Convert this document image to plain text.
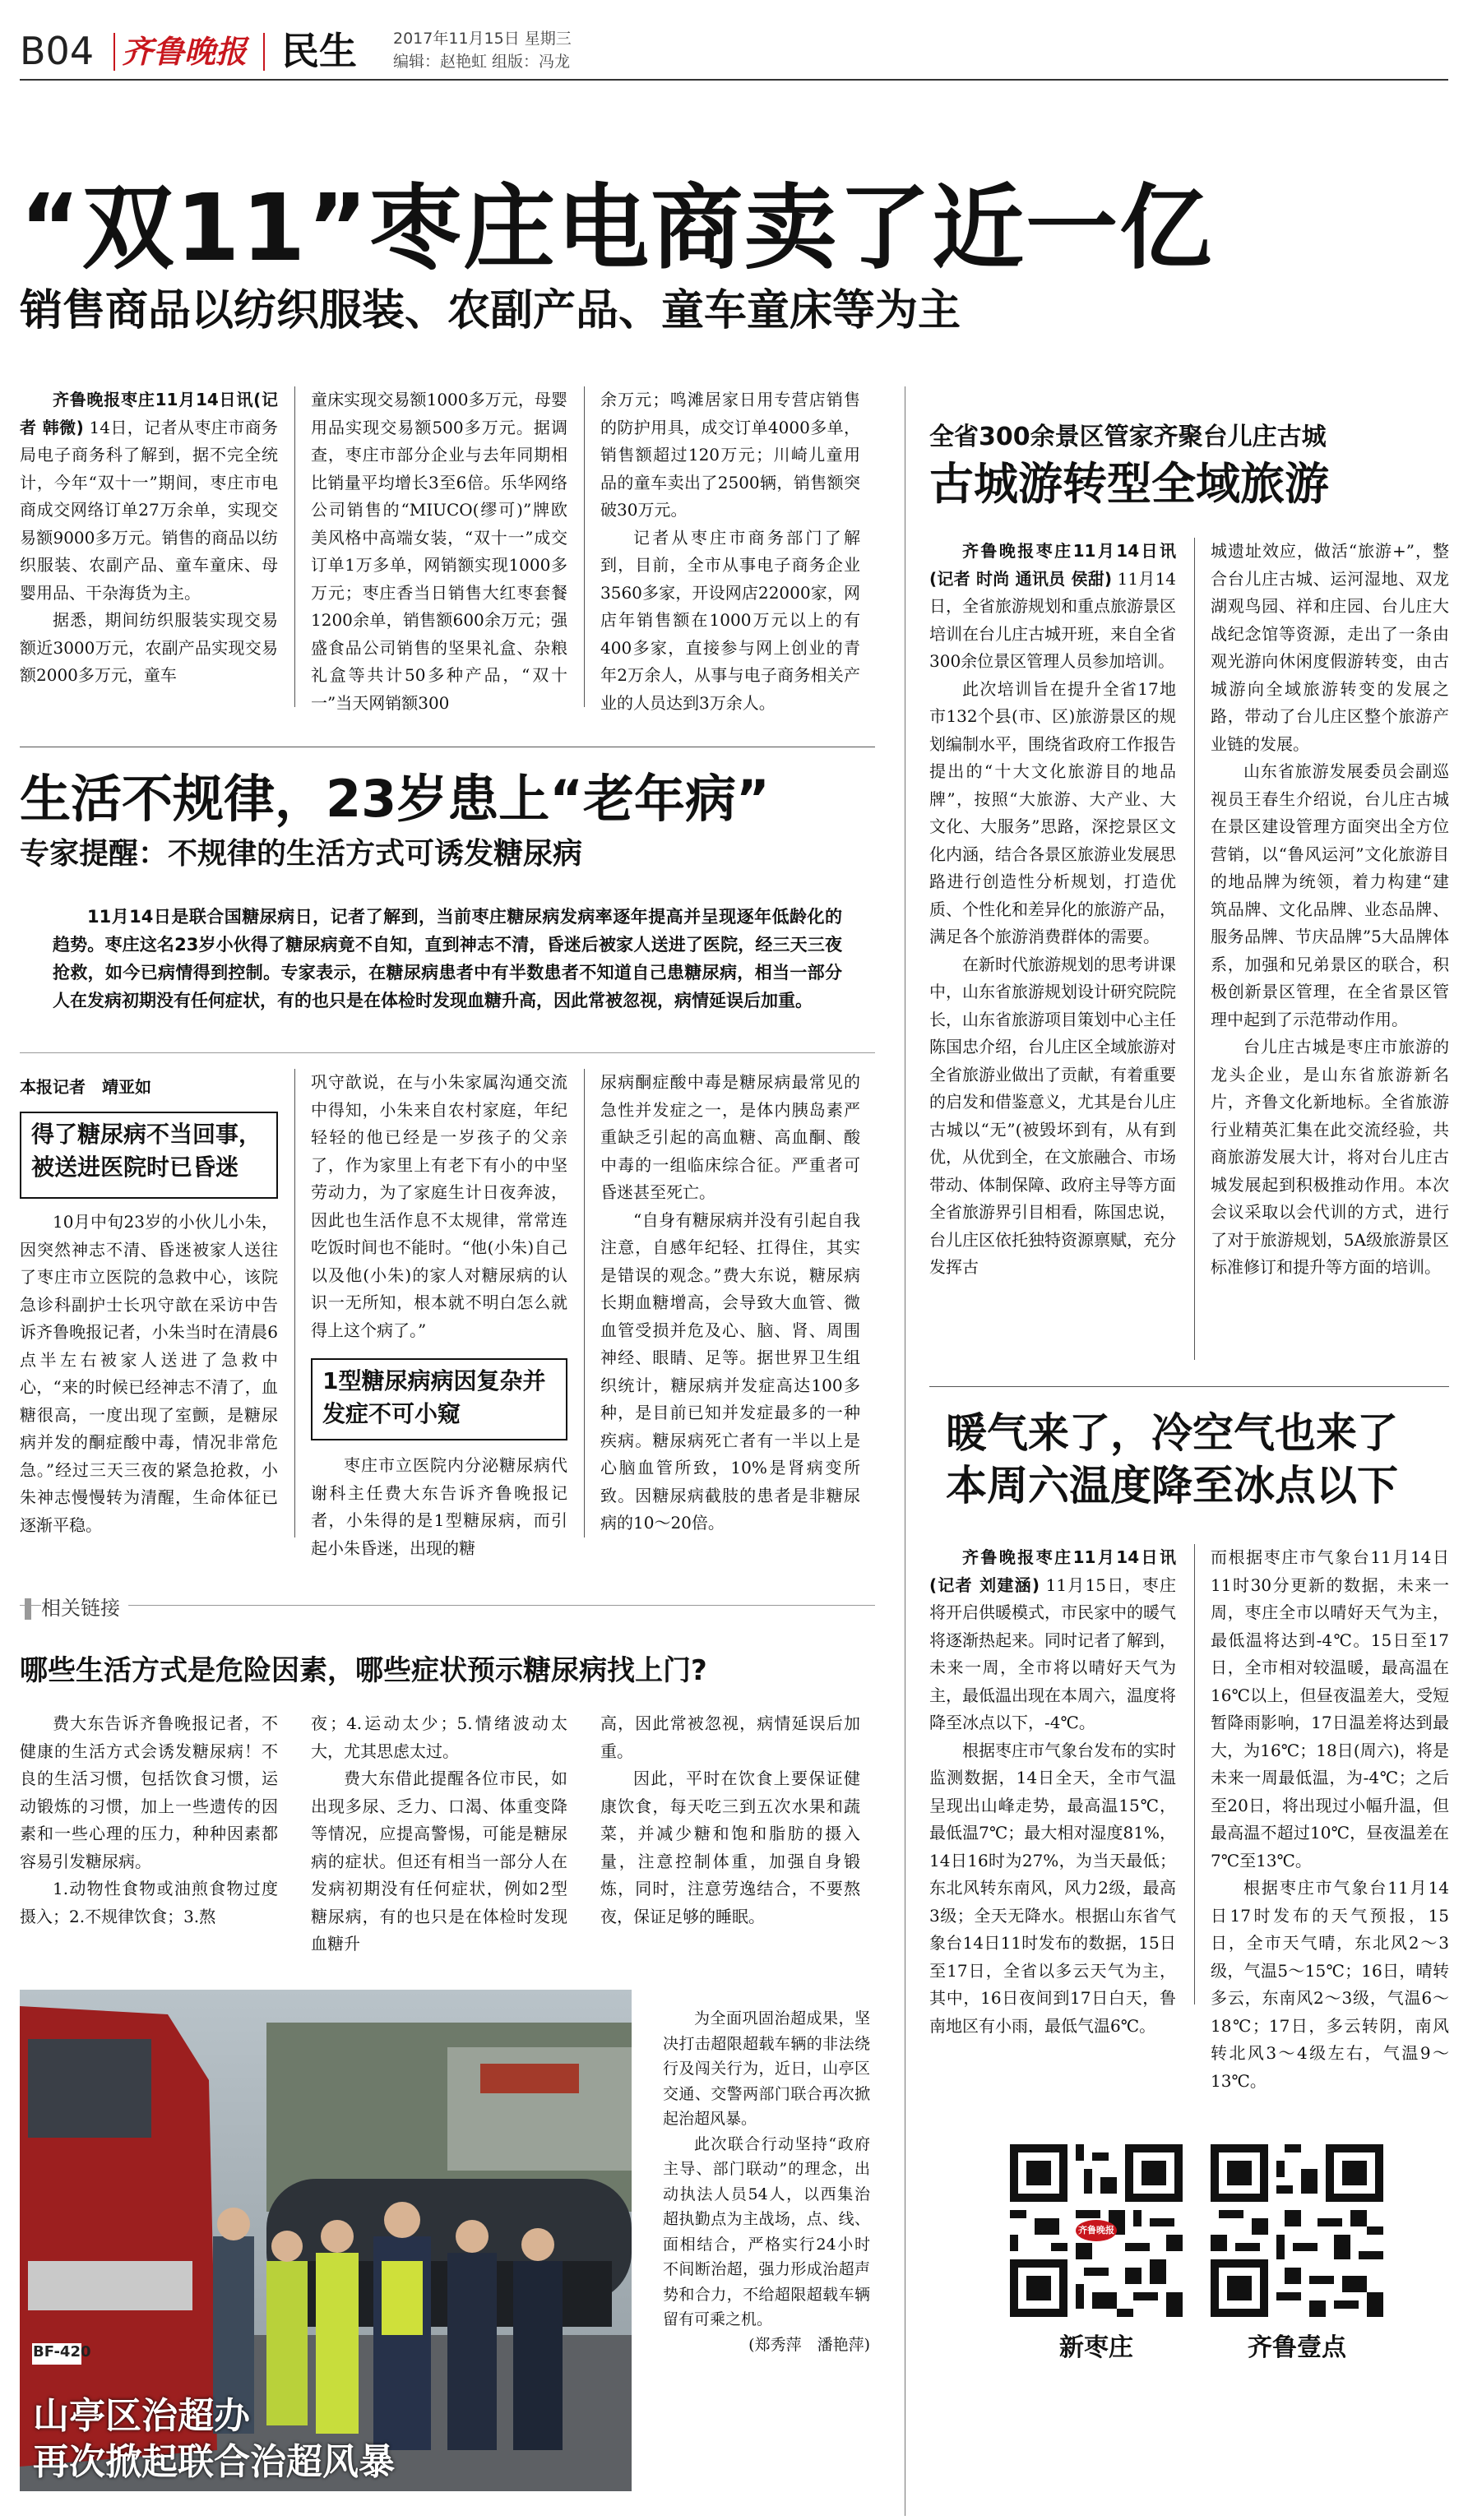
B04 齐鲁晚报 民生 2017年11月15日 星期三
编辑：赵艳虹 组版：冯龙
“双11”枣庄电商卖了近一亿
销售商品以纺织服装、农副产品、童车童床等为主

齐鲁晚报枣庄11月14日讯(记者 韩微) 14日，记者从枣庄市商务局电子商务科了解到，据不完全统计，今年“双十一”期间，枣庄市电商成交网络订单27万余单，实现交易额9000多万元。销售的商品以纺织服装、农副产品、童车童床、母婴用品、干杂海货为主。

据悉，期间纺织服装实现交易额近3000万元，农副产品实现交易额2000多万元，童车

童床实现交易额1000多万元，母婴用品实现交易额500多万元。据调查，枣庄市部分企业与去年同期相比销量平均增长3至6倍。乐华网络公司销售的“MIUCO(缪可)”牌欧美风格中高端女装，“双十一”成交订单1万多单，网销额实现1000多万元；枣庄香当日销售大红枣套餐1200余单，销售额600余万元；强盛食品公司销售的坚果礼盒、杂粮礼盒等共计50多种产品，“双十一”当天网销额300

余万元；鸣滩居家日用专营店销售的防护用具，成交订单4000多单，销售额超过120万元；川崎儿童用品的童车卖出了2500辆，销售额突破30万元。

记者从枣庄市商务部门了解到，目前，全市从事电子商务企业3560多家，开设网店22000家，网店年销售额在1000万元以上的有400多家，直接参与网上创业的青年2万余人，从事与电子商务相关产业的人员达到3万余人。

生活不规律，23岁患上“老年病”
专家提醒：不规律的生活方式可诱发糖尿病
11月14日是联合国糖尿病日，记者了解到，当前枣庄糖尿病发病率逐年提高并呈现逐年低龄化的趋势。枣庄这名23岁小伙得了糖尿病竟不自知，直到神志不清，昏迷后被家人送进了医院，经三天三夜抢救，如今已病情得到控制。专家表示，在糖尿病患者中有半数患者不知道自己患糖尿病，相当一部分人在发病初期没有任何症状，有的也只是在体检时发现血糖升高，因此常被忽视，病情延误后加重。
本报记者　靖亚如
得了糖尿病不当回事，被送进医院时已昏迷

10月中旬23岁的小伙儿小朱，因突然神志不清、昏迷被家人送往了枣庄市立医院的急救中心，该院急诊科副护士长巩守歆在采访中告诉齐鲁晚报记者，小朱当时在清晨6点半左右被家人送进了急救中心，“来的时候已经神志不清了，血糖很高，一度出现了室颤，是糖尿病并发的酮症酸中毒，情况非常危急。”经过三天三夜的紧急抢救，小朱神志慢慢转为清醒，生命体征已逐渐平稳。

巩守歆说，在与小朱家属沟通交流中得知，小朱来自农村家庭，年纪轻轻的他已经是一岁孩子的父亲了，作为家里上有老下有小的中坚劳动力，为了家庭生计日夜奔波，因此也生活作息不太规律，常常连吃饭时间也不能时。“他(小朱)自己以及他(小朱)的家人对糖尿病的认识一无所知，根本就不明白怎么就得上这个病了。”

1型糖尿病病因复杂并发症不可小窥

枣庄市立医院内分泌糖尿病代谢科主任费大东告诉齐鲁晚报记者，小朱得的是1型糖尿病，而引起小朱昏迷，出现的糖

尿病酮症酸中毒是糖尿病最常见的急性并发症之一，是体内胰岛素严重缺乏引起的高血糖、高血酮、酸中毒的一组临床综合征。严重者可昏迷甚至死亡。

“自身有糖尿病并没有引起自我注意，自感年纪轻、扛得住，其实是错误的观念。”费大东说，糖尿病长期血糖增高，会导致大血管、微血管受损并危及心、脑、肾、周围神经、眼睛、足等。据世界卫生组织统计，糖尿病并发症高达100多种，是目前已知并发症最多的一种疾病。糖尿病死亡者有一半以上是心脑血管所致，10%是肾病变所致。因糖尿病截肢的患者是非糖尿病的10～20倍。

相关链接
哪些生活方式是危险因素，哪些症状预示糖尿病找上门?

费大东告诉齐鲁晚报记者，不健康的生活方式会诱发糖尿病！不良的生活习惯，包括饮食习惯，运动锻炼的习惯，加上一些遗传的因素和一些心理的压力，种种因素都容易引发糖尿病。

1.动物性食物或油煎食物过度摄入；2.不规律饮食；3.熬

夜；4.运动太少；5.情绪波动太大，尤其思虑太过。

费大东借此提醒各位市民，如出现多尿、乏力、口渴、体重变降等情况，应提高警惕，可能是糖尿病的症状。但还有相当一部分人在发病初期没有任何症状，例如2型糖尿病，有的也只是在体检时发现血糖升

高，因此常被忽视，病情延误后加重。

因此，平时在饮食上要保证健康饮食，每天吃三到五次水果和蔬菜，并减少糖和饱和脂肪的摄入量，注意控制体重，加强自身锻炼，同时，注意劳逸结合，不要熬夜，保证足够的睡眠。

BF-420
山亭区治超办
再次掀起联合治超风暴

为全面巩固治超成果，坚决打击超限超载车辆的非法绕行及闯关行为，近日，山亭区交通、交警两部门联合再次掀起治超风暴。

此次联合行动坚持“政府主导、部门联动”的理念，出动执法人员54人，以西集治超执勤点为主战场，点、线、面相结合，严格实行24小时不间断治超，强力形成治超声势和合力，不给超限超载车辆留有可乘之机。

(郑秀萍　潘艳萍)

全省300余景区管家齐聚台儿庄古城
古城游转型全域旅游

齐鲁晚报枣庄11月14日讯(记者 时尚 通讯员 侯甜) 11月14日，全省旅游规划和重点旅游景区培训在台儿庄古城开班，来自全省300余位景区管理人员参加培训。

此次培训旨在提升全省17地市132个县(市、区)旅游景区的规划编制水平，围绕省政府工作报告提出的“十大文化旅游目的地品牌”，按照“大旅游、大产业、大文化、大服务”思路，深挖景区文化内涵，结合各景区旅游业发展思路进行创造性分析规划，打造优质、个性化和差异化的旅游产品，满足各个旅游消费群体的需要。

在新时代旅游规划的思考讲课中，山东省旅游规划设计研究院院长，山东省旅游项目策划中心主任陈国忠介绍，台儿庄区全域旅游对全省旅游业做出了贡献，有着重要的启发和借鉴意义，尤其是台儿庄古城以“无”(被毁坏到有，从有到优，从优到全，在文旅融合、市场带动、体制保障、政府主导等方面全省旅游界引目相看，陈国忠说，台儿庄区依托独特资源禀赋，充分发挥古

城遗址效应，做活“旅游+”，整合台儿庄古城、运河湿地、双龙湖观鸟园、祥和庄园、台儿庄大战纪念馆等资源，走出了一条由观光游向休闲度假游转变，由古城游向全域旅游转变的发展之路，带动了台儿庄区整个旅游产业链的发展。

山东省旅游发展委员会副巡视员王春生介绍说，台儿庄古城在景区建设管理方面突出全方位营销，以“鲁风运河”文化旅游目的地品牌为统领，着力构建“建筑品牌、文化品牌、业态品牌、服务品牌、节庆品牌”5大品牌体系，加强和兄弟景区的联合，积极创新景区管理，在全省景区管理中起到了示范带动作用。

台儿庄古城是枣庄市旅游的龙头企业，是山东省旅游新名片，齐鲁文化新地标。全省旅游行业精英汇集在此交流经验，共商旅游发展大计，将对台儿庄古城发展起到积极推动作用。本次会议采取以会代训的方式，进行了对于旅游规划，5A级旅游景区标准修订和提升等方面的培训。

暖气来了，冷空气也来了
本周六温度降至冰点以下

齐鲁晚报枣庄11月14日讯(记者 刘建涵) 11月15日，枣庄将开启供暖模式，市民家中的暖气将逐渐热起来。同时记者了解到，未来一周，全市将以晴好天气为主，最低温出现在本周六，温度将降至冰点以下，-4℃。

根据枣庄市气象台发布的实时监测数据，14日全天，全市气温呈现出山峰走势，最高温15℃，最低温7℃；最大相对湿度81%，14日16时为27%，为当天最低；东北风转东南风，风力2级，最高3级；全天无降水。根据山东省气象台14日11时发布的数据，15日至17日，全省以多云天气为主，其中，16日夜间到17日白天，鲁南地区有小雨，最低气温6℃。

而根据枣庄市气象台11月14日11时30分更新的数据，未来一周，枣庄全市以晴好天气为主，最低温将达到-4℃。15日至17日，全市相对较温暖，最高温在16℃以上，但昼夜温差大，受短暂降雨影响，17日温差将达到最大，为16℃；18日(周六)，将是未来一周最低温，为-4℃；之后至20日，将出现过小幅升温，但最高温不超过10℃，昼夜温差在7℃至13℃。

根据枣庄市气象台11月14日17时发布的天气预报，15日，全市天气晴，东北风2～3级，气温5～15℃；16日，晴转多云，东南风2～3级，气温6～18℃；17日，多云转阴，南风转北风3～4级左右，气温9～13℃。

齐鲁晚报
新枣庄	齐鲁壹点
